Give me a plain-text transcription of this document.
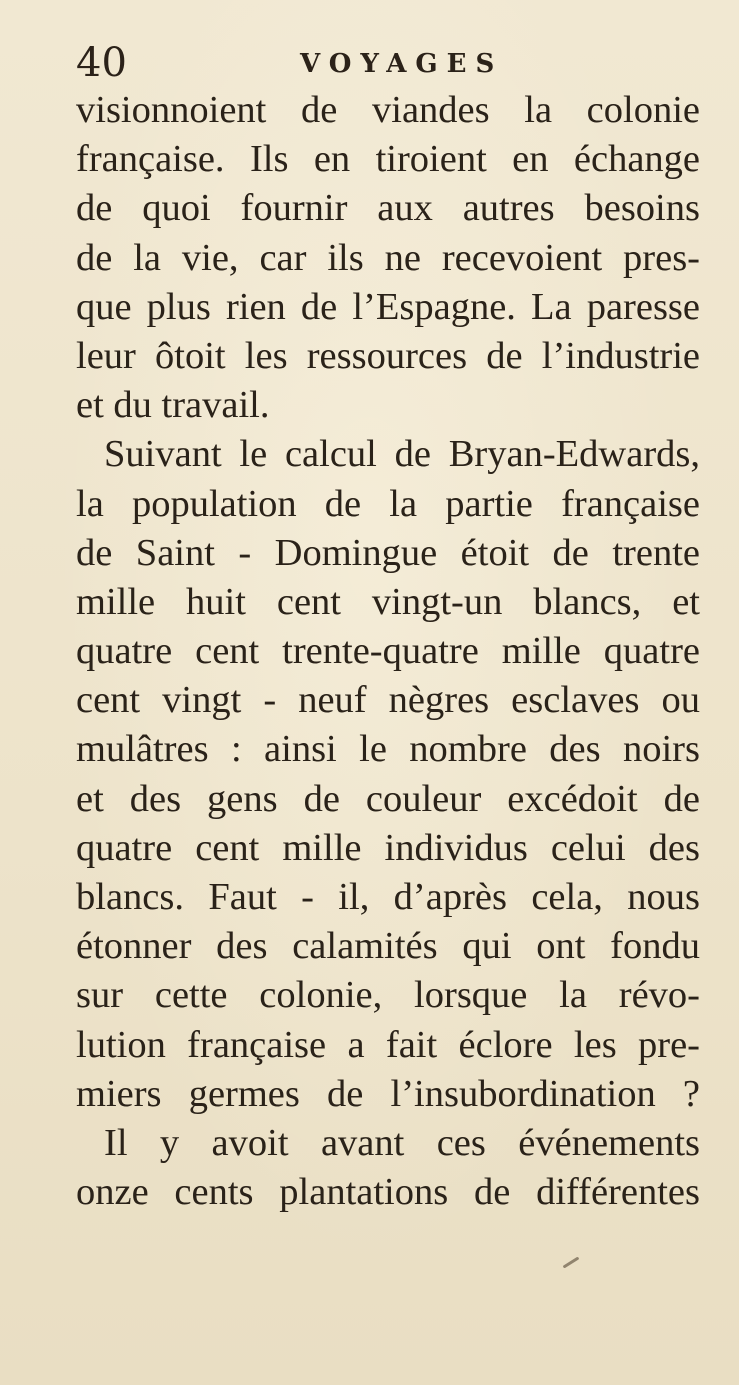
40	VOYAGES
visionnoient de viandes la colonie
française. Ils en tiroient en échange
de quoi fournir aux autres besoins
de la vie, car ils ne recevoient pres-
que plus rien de l’Espagne. La paresse
leur ôtoit les ressources de l’industrie
et du travail.
Suivant le calcul de Bryan-Edwards,
la population de la partie française
de Saint - Domingue étoit de trente
mille huit cent vingt-un blancs, et
quatre cent trente-quatre mille quatre
cent vingt - neuf nègres esclaves ou
mulâtres : ainsi le nombre des noirs
et des gens de couleur excédoit de
quatre cent mille individus celui des
blancs. Faut - il, d’après cela, nous
étonner des calamités qui ont fondu
sur cette colonie, lorsque la révo-
lution française a fait éclore les pre-
miers germes de l’insubordination ?
Il y avoit avant ces événements
onze cents plantations de différentes
